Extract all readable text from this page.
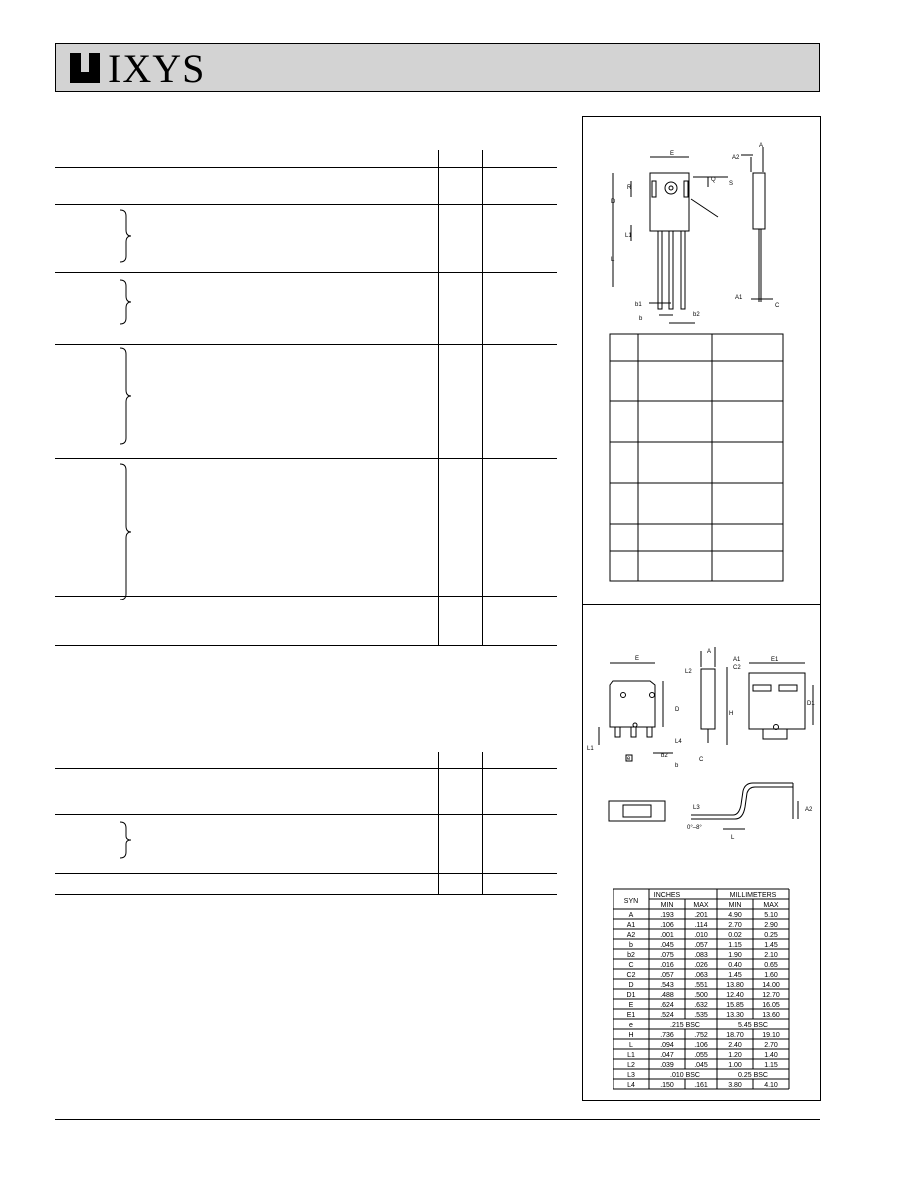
IXYS
E
A2
A
R
Q
S
D
L1
L
b1
b
b2
A1
C
E
A
A1
C2
E1
L2
D
H
D1
L1
L4
e	b2
b
C
L3	A2
L
0°–8°
SYN
INCHES	MILLIMETERS
MIN	MAX	MIN	MAX
A	.193	.201	4.90	5.10
A1	.106	.114	2.70	2.90
A2	.001	.010	0.02	0.25
b	.045	.057	1.15	1.45
b2	.075	.083	1.90	2.10
C	.016	.026	0.40	0.65
C2	.057	.063	1.45	1.60
D	.543	.551	13.80	14.00
D1	.488	.500	12.40	12.70
E	.624	.632	15.85	16.05
E1	.524	.535	13.30	13.60
e	.215 BSC	5.45 BSC
H	.736	.752	18.70	19.10
L	.094	.106	2.40	2.70
L1	.047	.055	1.20	1.40
L2	.039	.045	1.00	1.15
L3	.010 BSC	0.25 BSC
L4	.150	.161	3.80	4.10
